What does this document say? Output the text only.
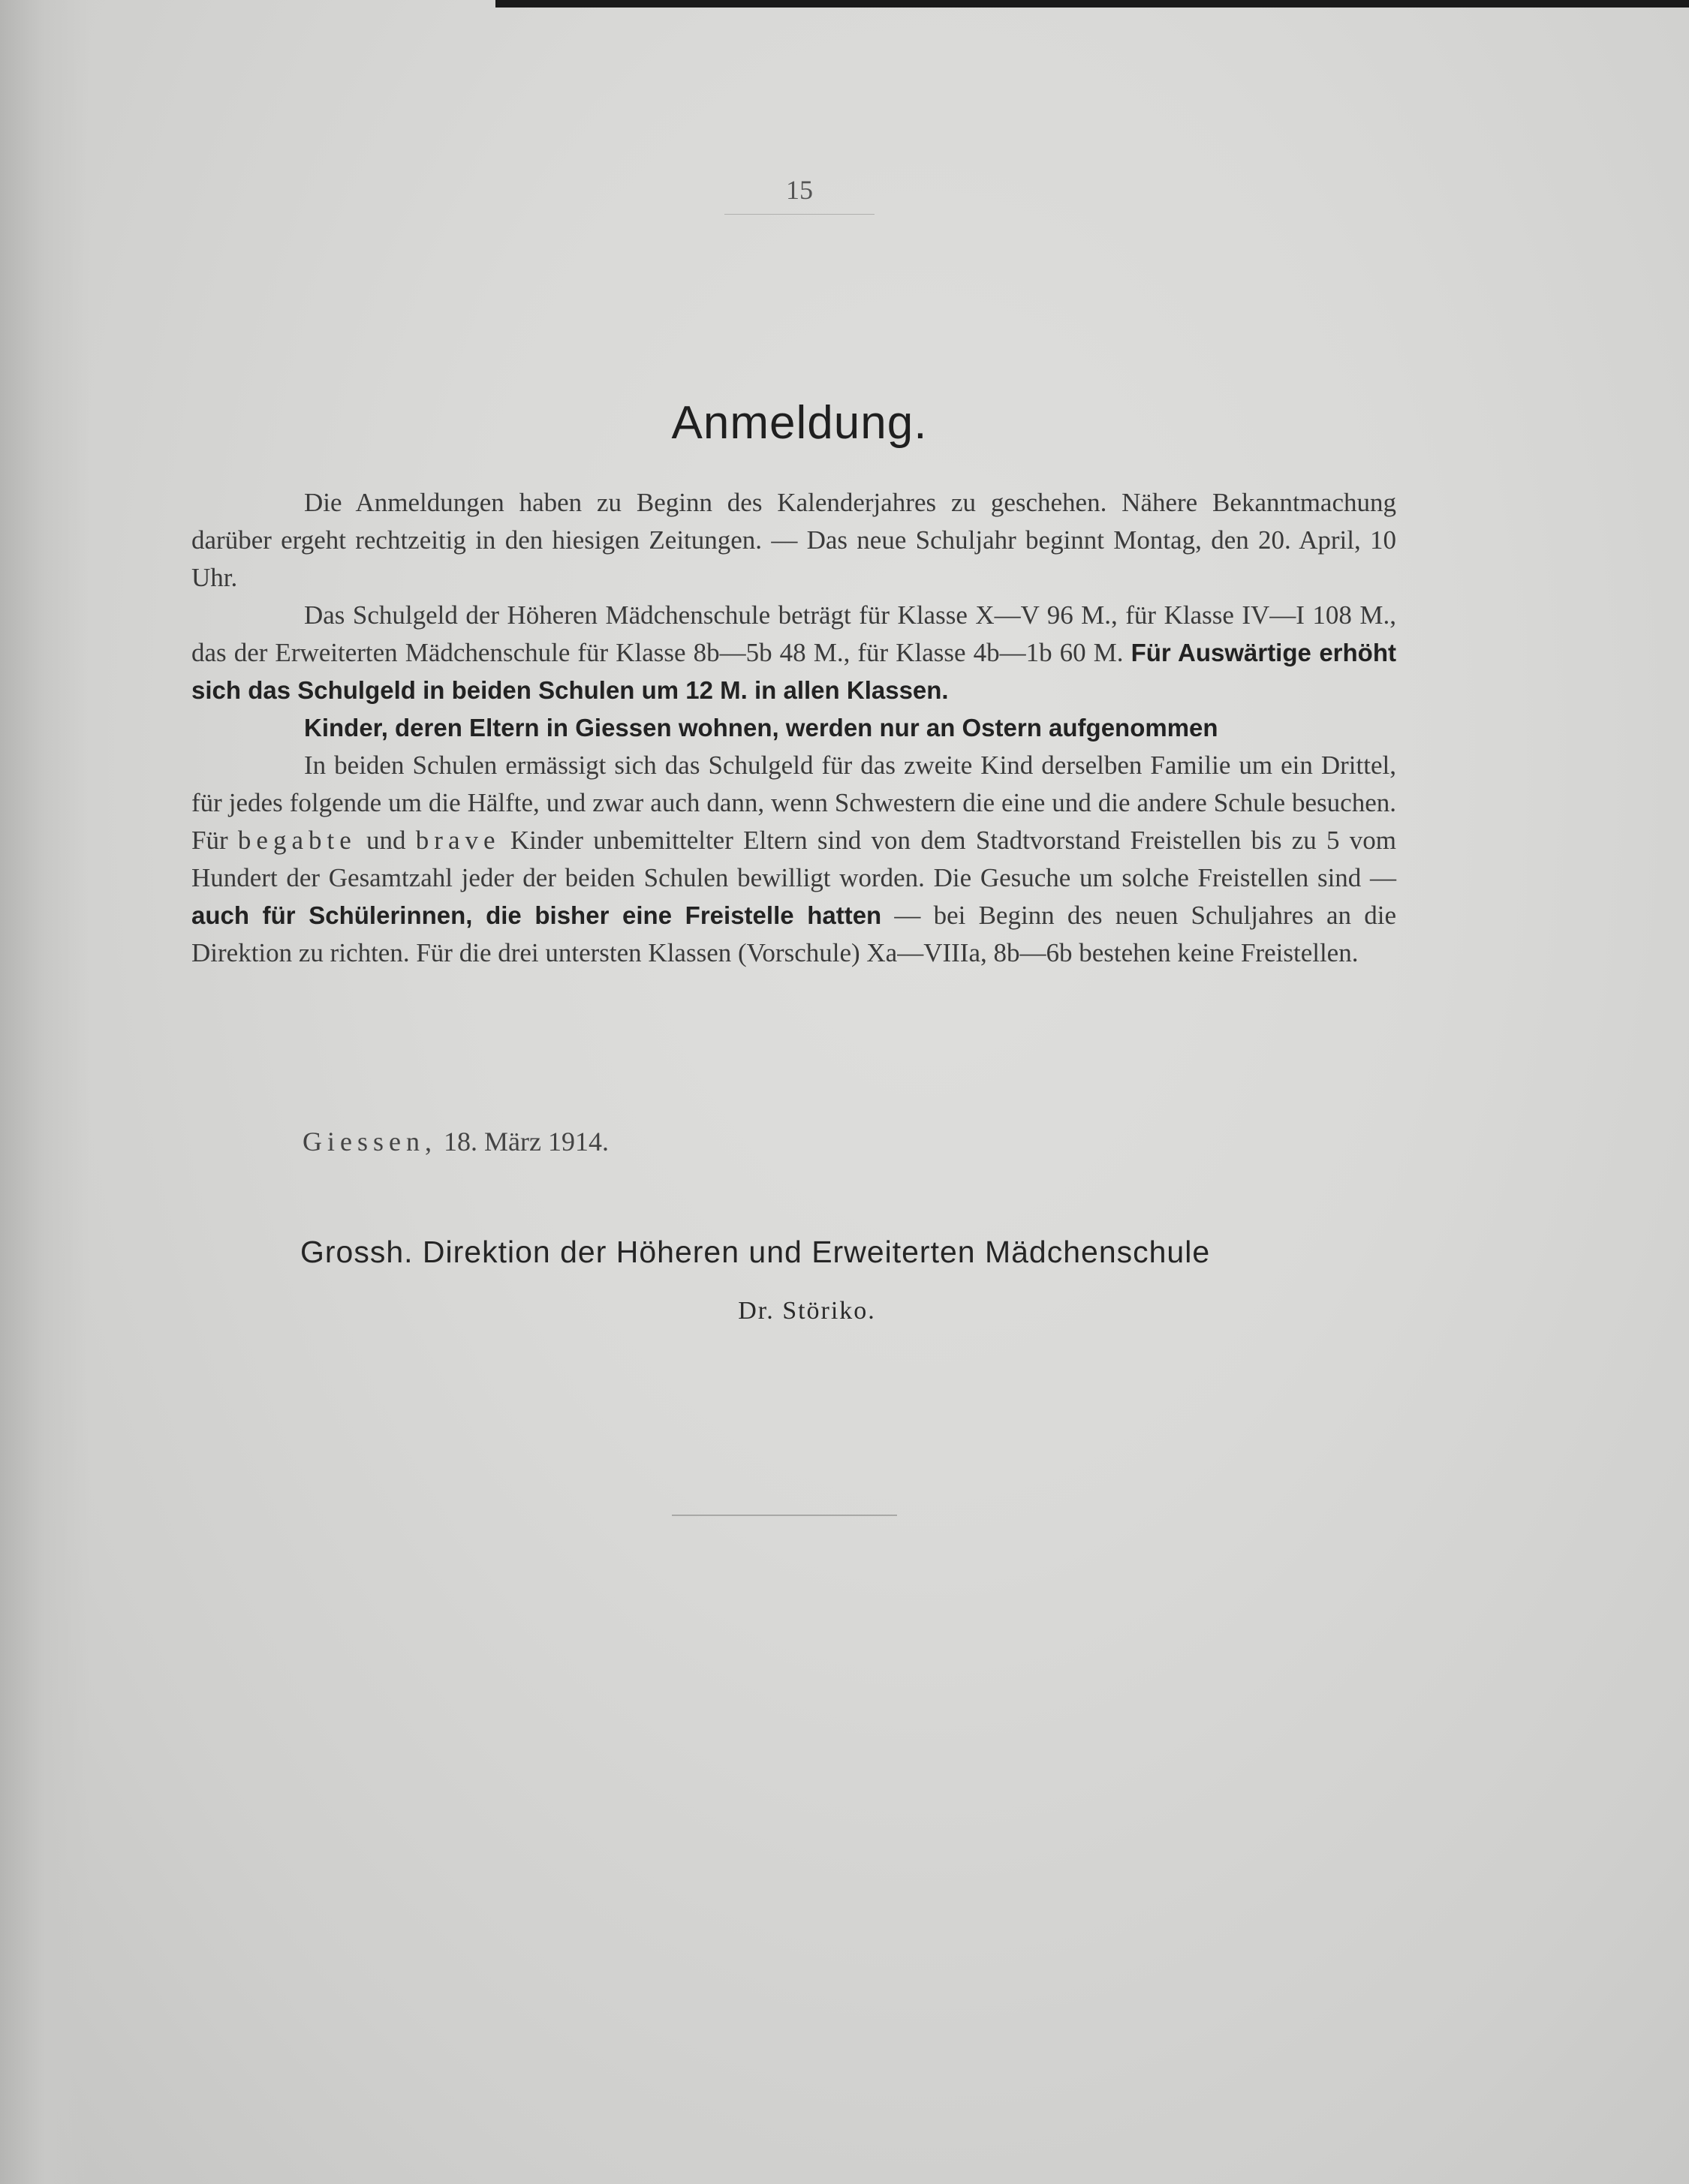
15
Anmeldung.

Die Anmeldungen haben zu Beginn des Kalenderjahres zu geschehen. Nähere Bekanntmachung darüber ergeht rechtzeitig in den hiesigen Zeitungen. — Das neue Schuljahr beginnt Montag, den 20. April, 10 Uhr.

Das Schulgeld der Höheren Mädchenschule beträgt für Klasse X—V 96 M., für Klasse IV—I 108 M., das der Erweiterten Mädchenschule für Klasse 8b—5b 48 M., für Klasse 4b—1b 60 M. Für Auswärtige erhöht sich das Schulgeld in beiden Schulen um 12 M. in allen Klassen.

Kinder, deren Eltern in Giessen wohnen, werden nur an Ostern aufgenommen

In beiden Schulen ermässigt sich das Schulgeld für das zweite Kind derselben Familie um ein Drittel, für jedes folgende um die Hälfte, und zwar auch dann, wenn Schwestern die eine und die andere Schule besuchen. Für begabte und brave Kinder unbemittelter Eltern sind von dem Stadtvorstand Freistellen bis zu 5 vom Hundert der Gesamtzahl jeder der beiden Schulen bewilligt worden. Die Gesuche um solche Freistellen sind — auch für Schülerinnen, die bisher eine Freistelle hatten — bei Beginn des neuen Schuljahres an die Direktion zu richten. Für die drei untersten Klassen (Vorschule) Xa—VIIIa, 8b—6b bestehen keine Freistellen.

Giessen, 18. März 1914.
Grossh. Direktion der Höheren und Erweiterten Mädchenschule
Dr. Störiko.
